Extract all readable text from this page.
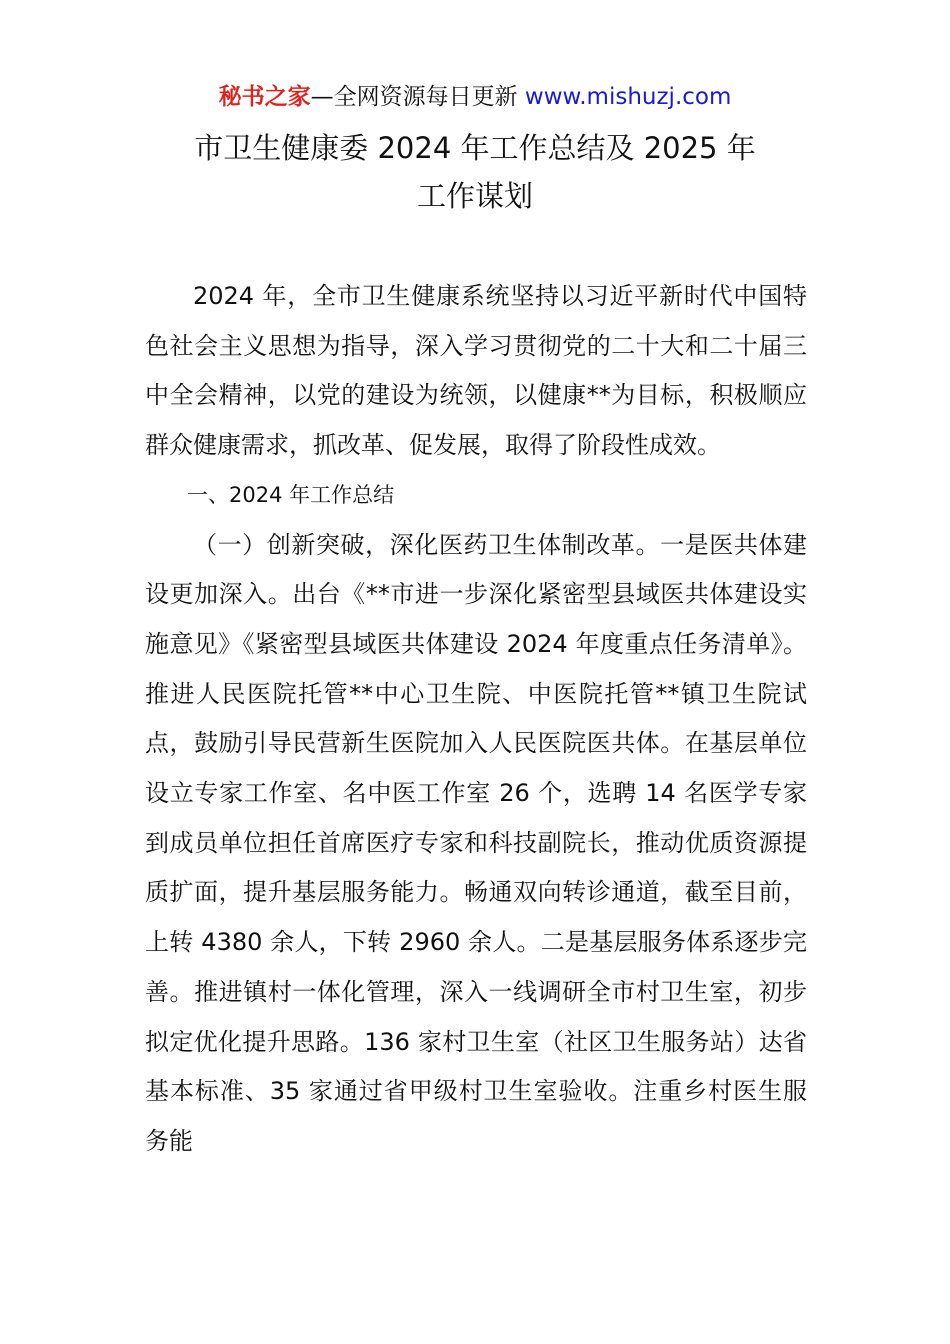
秘书之家—全网资源每日更新 www.mishuzj.com
市卫生健康委 2024 年工作总结及 2025 年
工作谋划

2024 年，全市卫生健康系统坚持以习近平新时代中国特色社会主义思想为指导，深入学习贯彻党的二十大和二十届三中全会精神，以党的建设为统领，以健康**为目标，积极顺应群众健康需求，抓改革、促发展，取得了阶段性成效。

一、2024 年工作总结

（一）创新突破，深化医药卫生体制改革。一是医共体建设更加深入。出台《**市进一步深化紧密型县域医共体建设实施意见》《紧密型县域医共体建设 2024 年度重点任务清单》。推进人民医院托管**中心卫生院、中医院托管**镇卫生院试点，鼓励引导民营新生医院加入人民医院医共体。在基层单位设立专家工作室、名中医工作室 26 个，选聘 14 名医学专家到成员单位担任首席医疗专家和科技副院长，推动优质资源提质扩面，提升基层服务能力。畅通双向转诊通道，截至目前，上转 4380 余人，下转 2960 余人。二是基层服务体系逐步完善。推进镇村一体化管理，深入一线调研全市村卫生室，初步拟定优化提升思路。136 家村卫生室（社区卫生服务站）达省基本标准、35 家通过省甲级村卫生室验收。注重乡村医生服务能
